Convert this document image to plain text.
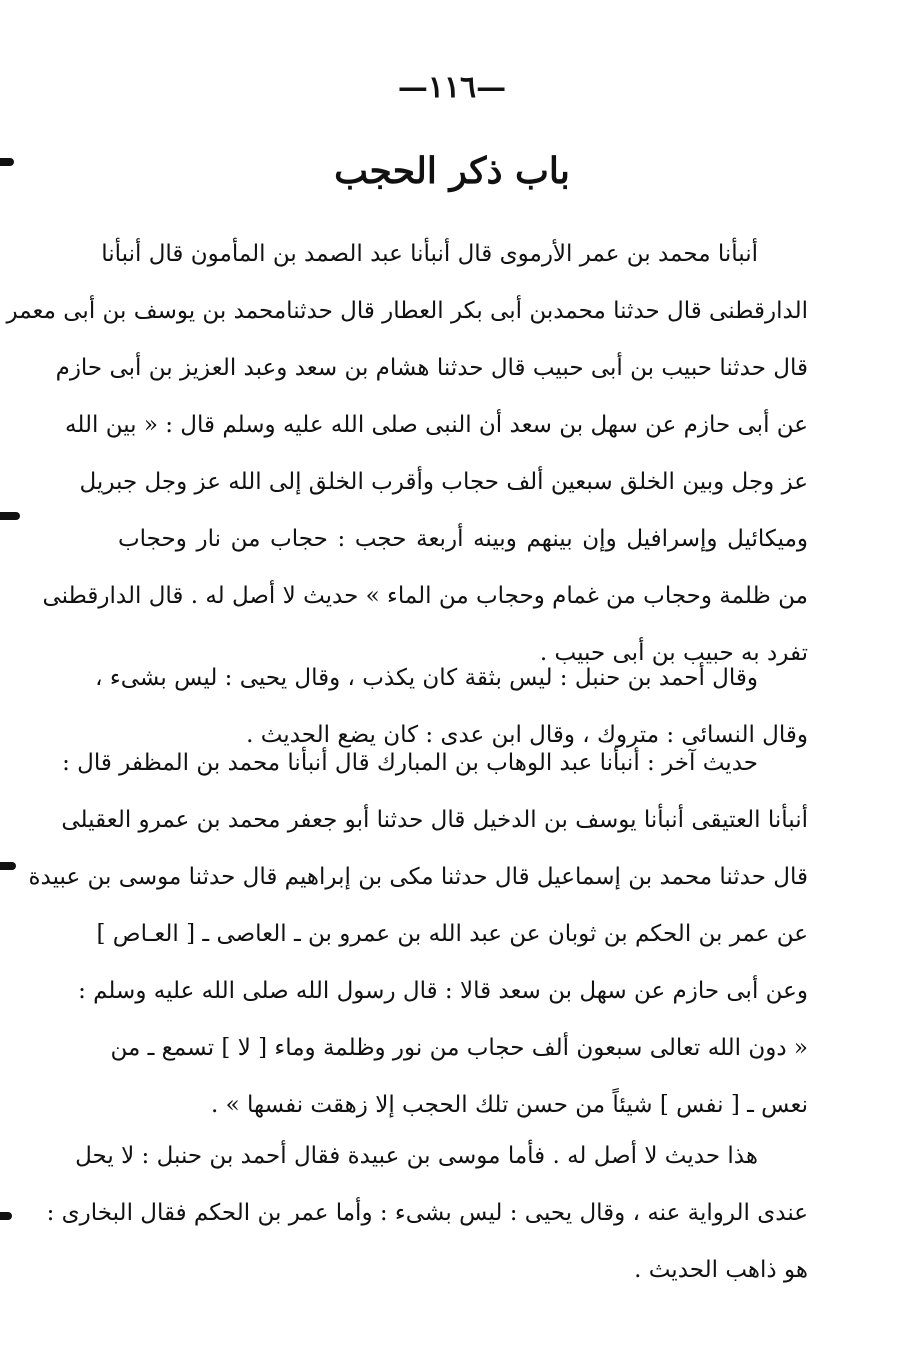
—١١٦—
باب ذكر الحجب
أنبأنا محمد بن عمر الأرموى قال أنبأنا عبد الصمد بن المأمون قال أنبأنا
الدارقطنى قال حدثنا محمدبن أبى بكر العطار قال حدثنامحمد بن يوسف بن أبى معمر
قال حدثنا حبيب بن أبى حبيب قال حدثنا هشام بن سعد وعبد العزيز بن أبى حازم
عن أبى حازم عن سهل بن سعد أن النبى صلى الله عليه وسلم قال : « بين الله
عز وجل وبين الخلق سبعين ألف حجاب وأقرب الخلق إلى الله عز وجل جبريل
وميكائيل وإسرافيل وإن بينهم وبينه أربعة حجب : حجاب من نار وحجاب
من ظلمة وحجاب من غمام وحجاب من الماء » حديث لا أصل له . قال الدارقطنى
تفرد به حبيب بن أبى حبيب .
وقال أحمد بن حنبل : ليس بثقة كان يكذب ، وقال يحيى : ليس بشىء ،
وقال النسائى : متروك ، وقال ابن عدى : كان يضع الحديث .
حديث آخر : أنبأنا عبد الوهاب بن المبارك قال أنبأنا محمد بن المظفر قال :
أنبأنا العتيقى أنبأنا يوسف بن الدخيل قال حدثنا أبو جعفر محمد بن عمرو العقيلى
قال حدثنا محمد بن إسماعيل قال حدثنا مكى بن إبراهيم قال حدثنا موسى بن عبيدة
عن عمر بن الحكم بن ثوبان عن عبد الله بن عمرو بن ـ العاصى ـ [ العـاص ]
وعن أبى حازم عن سهل بن سعد قالا : قال رسول الله صلى الله عليه وسلم :
« دون الله تعالى سبعون ألف حجاب من نور وظلمة وماء [ لا ] تسمع ـ من
نعس ـ [ نفس ] شيئاً من حسن تلك الحجب إلا زهقت نفسها » .
هذا حديث لا أصل له . فأما موسى بن عبيدة فقال أحمد بن حنبل : لا يحل
عندى الرواية عنه ، وقال يحيى : ليس بشىء : وأما عمر بن الحكم فقال البخارى :
هو ذاهب الحديث .
